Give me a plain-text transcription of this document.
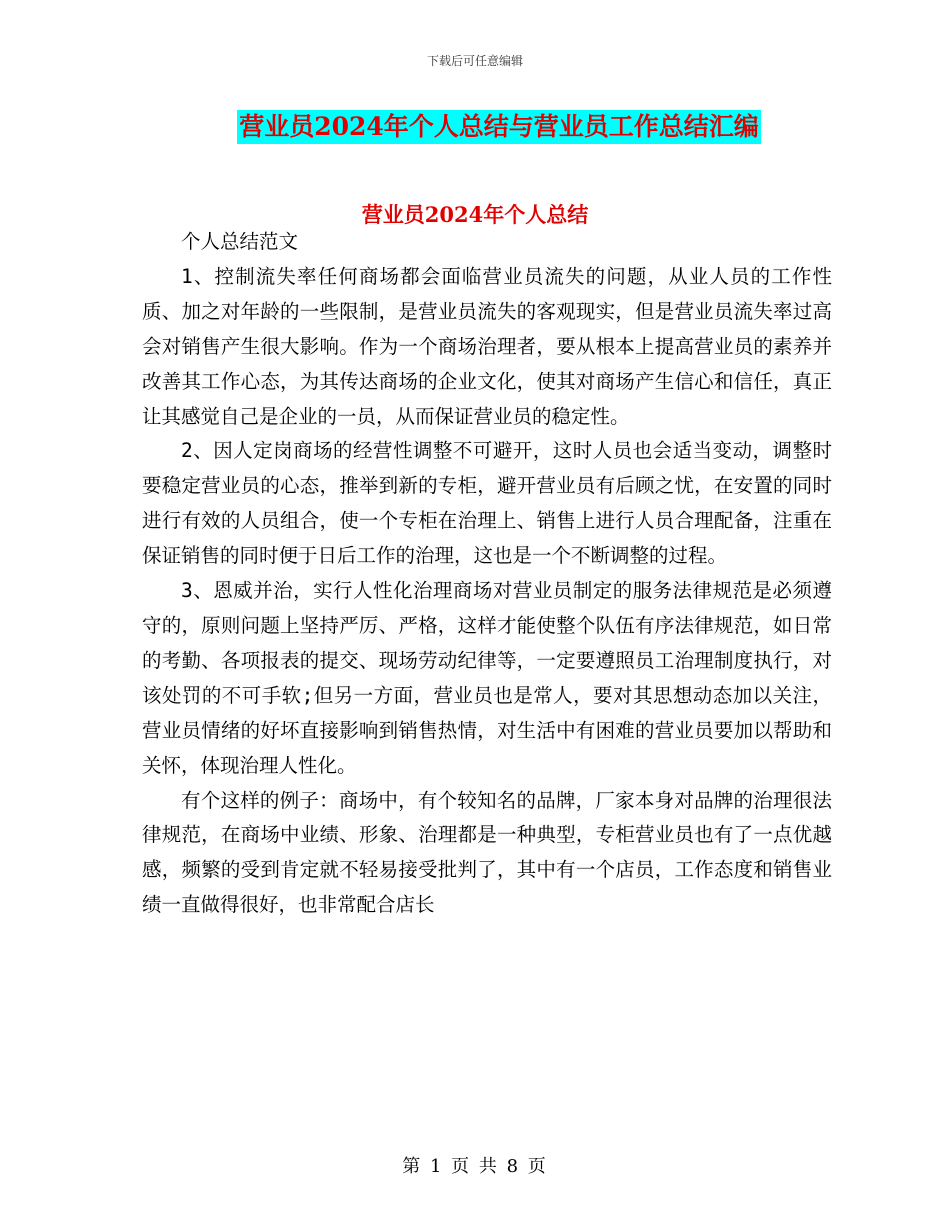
下载后可任意编辑
营业员2024年个人总结与营业员工作总结汇编
营业员2024年个人总结

个人总结范文

1、控制流失率任何商场都会面临营业员流失的问题，从业人员的工作性质、加之对年龄的一些限制，是营业员流失的客观现实，但是营业员流失率过高会对销售产生很大影响。作为一个商场治理者，要从根本上提高营业员的素养并改善其工作心态，为其传达商场的企业文化，使其对商场产生信心和信任，真正让其感觉自己是企业的一员，从而保证营业员的稳定性。

2、因人定岗商场的经营性调整不可避开，这时人员也会适当变动，调整时要稳定营业员的心态，推举到新的专柜，避开营业员有后顾之忧，在安置的同时进行有效的人员组合，使一个专柜在治理上、销售上进行人员合理配备，注重在保证销售的同时便于日后工作的治理，这也是一个不断调整的过程。

3、恩威并治，实行人性化治理商场对营业员制定的服务法律规范是必须遵守的，原则问题上坚持严厉、严格，这样才能使整个队伍有序法律规范，如日常的考勤、各项报表的提交、现场劳动纪律等，一定要遵照员工治理制度执行，对该处罚的不可手软;但另一方面，营业员也是常人，要对其思想动态加以关注，营业员情绪的好坏直接影响到销售热情，对生活中有困难的营业员要加以帮助和关怀，体现治理人性化。

有个这样的例子：商场中，有个较知名的品牌，厂家本身对品牌的治理很法律规范，在商场中业绩、形象、治理都是一种典型，专柜营业员也有了一点优越感，频繁的受到肯定就不轻易接受批判了，其中有一个店员，工作态度和销售业绩一直做得很好，也非常配合店长

第 1 页 共 8 页
